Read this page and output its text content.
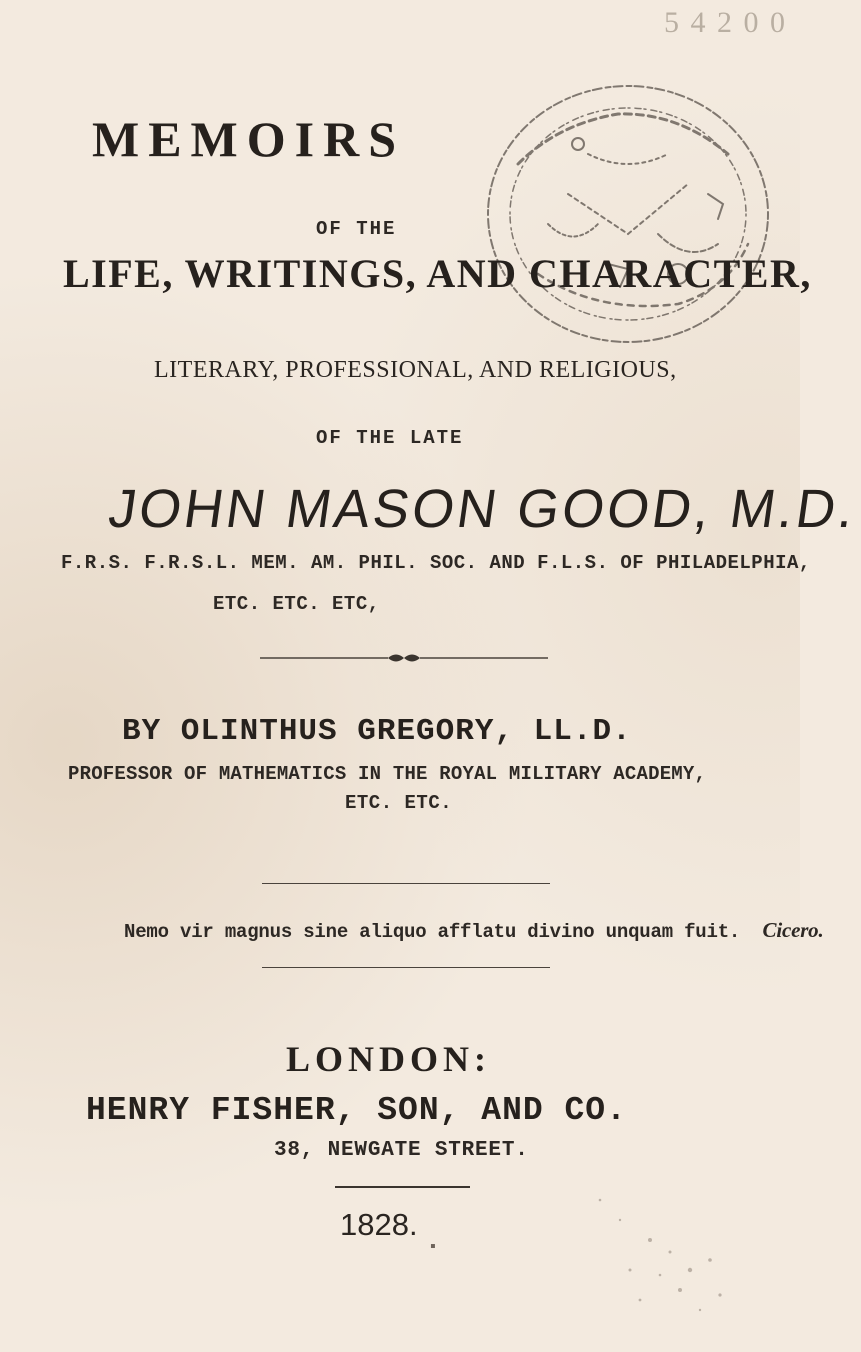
5 4 2 0 0
MEMOIRS
OF THE
LIFE, WRITINGS, AND CHARACTER,
LITERARY, PROFESSIONAL, AND RELIGIOUS,
OF THE LATE
JOHN MASON GOOD, M.D.
F.R.S. F.R.S.L. MEM. AM. PHIL. SOC. AND F.L.S. OF PHILADELPHIA,
ETC. ETC. ETC,
BY OLINTHUS GREGORY, LL.D.
PROFESSOR OF MATHEMATICS IN THE ROYAL MILITARY ACADEMY,
ETC. ETC.
Nemo vir magnus sine aliquo afflatu divino unquam fuit. Cicero.
LONDON:
HENRY FISHER, SON, AND CO.
38, NEWGATE STREET.
1828.
▪
